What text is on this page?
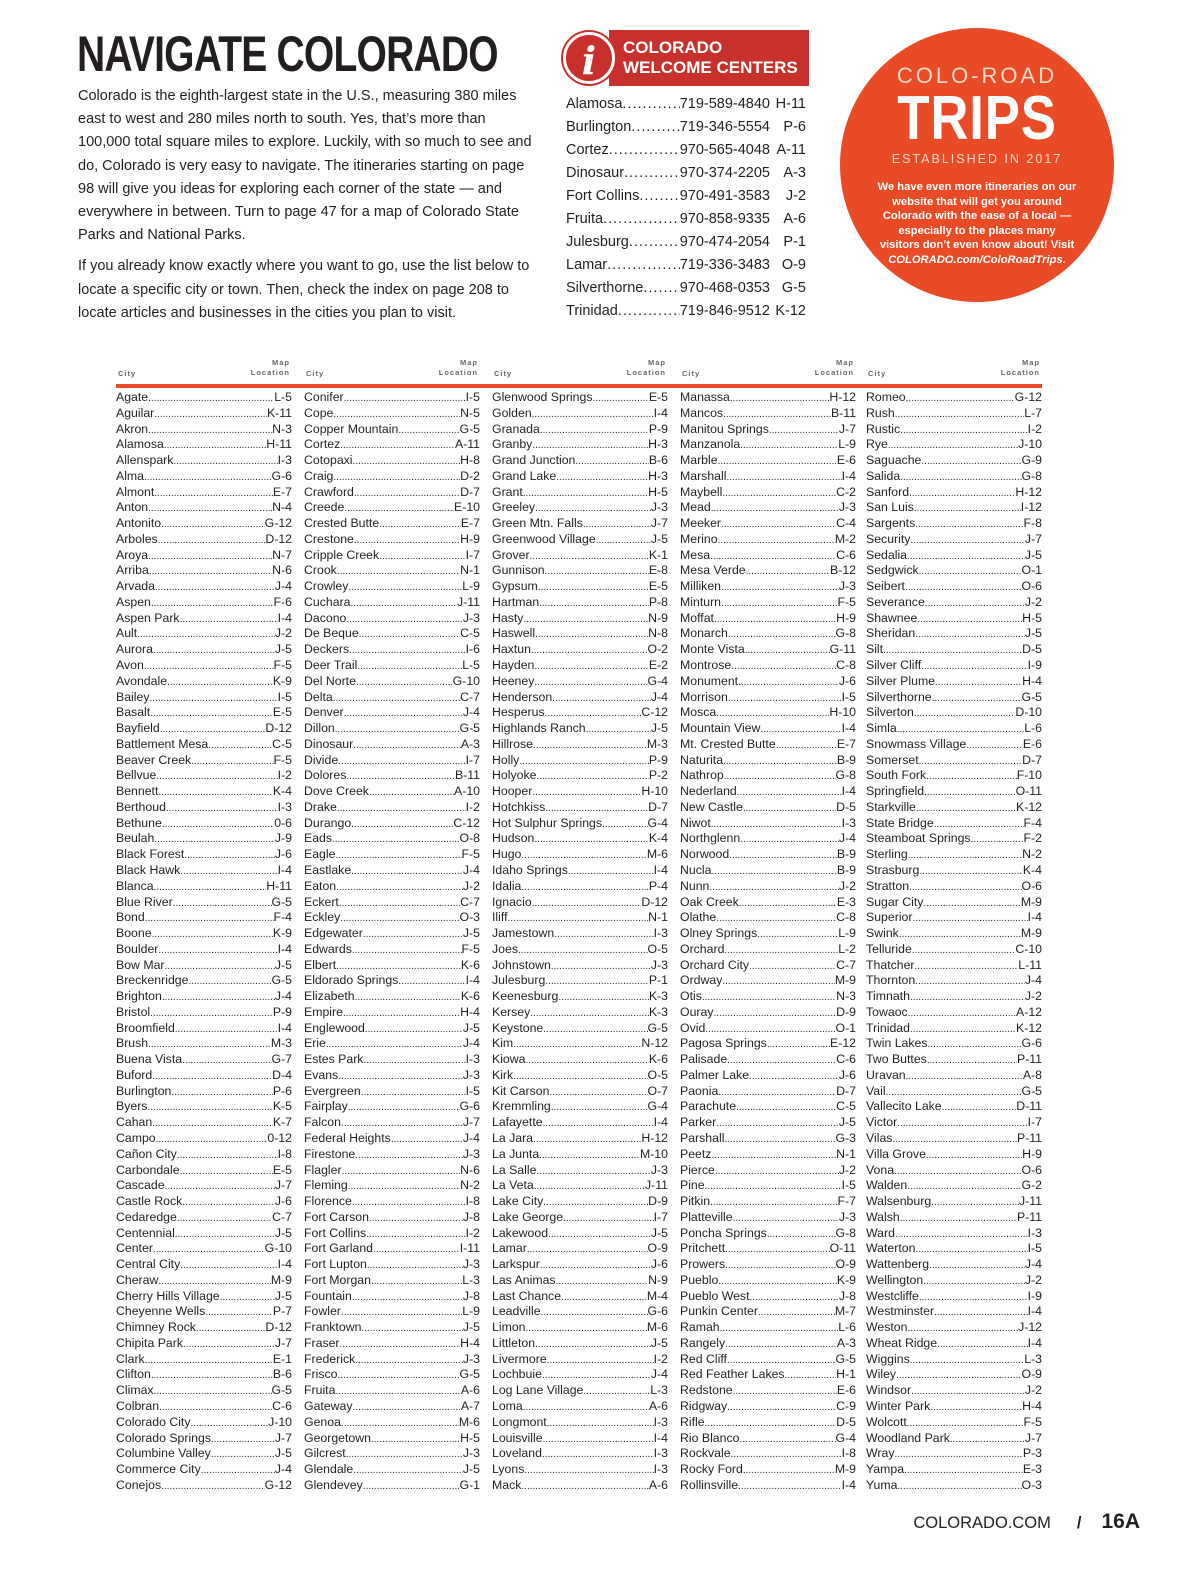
NAVIGATE COLORADO

Colorado is the eighth-largest state in the U.S., measuring 380 miles east to west and 280 miles north to south. Yes, that’s more than 100,000 total square miles to explore. Luckily, with so much to see and do, Colorado is very easy to navigate. The itineraries starting on page 98 will give you ideas for exploring each corner of the state — and everywhere in between. Turn to page 47 for a map of Colorado State Parks and National Parks.

If you already know exactly where you want to go, use the list below to locate a specific city or town. Then, check the index on page 208 to locate articles and businesses in the cities you plan to visit.

COLORADO
WELCOME CENTERS
i
Alamosa .....	719-589-4840 H-11
Burlington .....	719-346-5554 P-6
Cortez .....	970-565-4048 A-11
Dinosaur .....	970-374-2205 A-3
Fort Collins .....	970-491-3583	J-2
Fruita .....	970-858-9335 A-6
Julesburg .....	970-474-2054 P-1
Lamar .....	719-336-3483 O-9
Silverthorne .....	970-468-0353 G-5
Trinidad .....	719-846-9512 K-12
COLO-ROAD
TRIPS
ESTABLISHED IN 2017
We have even more itineraries on our website that will get you around Colorado with the ease of a local — especially to the places many visitors don’t even know about! Visit
COLORADO.com/ColoRoadTrips.
City
Map
Location
Agate .....	L-5
Aguilar .....	K-11
Akron .....	N-3
Alamosa .....	H-11
Allenspark .....	I-3
Alma .....	G-6
Almont .....	E-7
Anton .....	N-4
Antonito .....	G-12
Arboles .....	D-12
Aroya .....	N-7
Arriba .....	N-6
Arvada .....	J-4
Aspen .....	F-6
Aspen Park .....	I-4
Ault .....	J-2
Aurora .....	J-5
Avon .....	F-5
Avondale .....	K-9
Bailey .....	I-5
Basalt .....	E-5
Bayfield .....	D-12
Battlement Mesa .....	C-5
Beaver Creek .....	F-5
Bellvue .....	I-2
Bennett .....	K-4
Berthoud .....	I-3
Bethune .....	0-6
Beulah .....	J-9
Black Forest .....	J-6
Black Hawk .....	I-4
Blanca .....	H-11
Blue River .....	G-5
Bond .....	F-4
Boone .....	K-9
Boulder .....	I-4
Bow Mar .....	J-5
Breckenridge .....	G-5
Brighton .....	J-4
Bristol .....	P-9
Broomfield .....	I-4
Brush .....	M-3
Buena Vista .....	G-7
Buford .....	D-4
Burlington .....	P-6
Byers .....	K-5
Cahan .....	K-7
Campo .....	0-12
Cañon City .....	I-8
Carbondale .....	E-5
Cascade .....	J-7
Castle Rock .....	J-6
Cedaredge .....	C-7
Centennial .....	J-5
Center .....	G-10
Central City .....	I-4
Cheraw .....	M-9
Cherry Hills Village .....	J-5
Cheyenne Wells .....	P-7
Chimney Rock .....	D-12
Chipita Park .....	J-7
Clark .....	E-1
Clifton .....	B-6
Climax .....	G-5
Colbran .....	C-6
Colorado City .....	J-10
Colorado Springs .....	J-7
Columbine Valley .....	J-5
Commerce City .....	J-4
Conejos .....	G-12
City
Map
Location
Conifer .....	I-5
Cope .....	N-5
Copper Mountain .....	G-5
Cortez .....	A-11
Cotopaxi .....	H-8
Craig .....	D-2
Crawford .....	D-7
Creede .....	E-10
Crested Butte .....	E-7
Crestone .....	H-9
Cripple Creek .....	I-7
Crook .....	N-1
Crowley .....	L-9
Cuchara .....	J-11
Dacono .....	J-3
De Beque .....	C-5
Deckers .....	I-6
Deer Trail .....	L-5
Del Norte .....	G-10
Delta .....	C-7
Denver .....	J-4
Dillon .....	G-5
Dinosaur .....	A-3
Divide .....	I-7
Dolores .....	B-11
Dove Creek .....	A-10
Drake .....	I-2
Durango .....	C-12
Eads .....	O-8
Eagle .....	F-5
Eastlake .....	J-4
Eaton .....	J-2
Eckert .....	C-7
Eckley .....	O-3
Edgewater .....	J-5
Edwards .....	F-5
Elbert .....	K-6
Eldorado Springs .....	I-4
Elizabeth .....	K-6
Empire .....	H-4
Englewood .....	J-5
Erie .....	J-4
Estes Park .....	I-3
Evans .....	J-3
Evergreen .....	I-5
Fairplay .....	G-6
Falcon .....	J-7
Federal Heights .....	J-4
Firestone .....	J-3
Flagler .....	N-6
Fleming .....	N-2
Florence .....	I-8
Fort Carson .....	J-8
Fort Collins .....	I-2
Fort Garland .....	I-11
Fort Lupton .....	J-3
Fort Morgan .....	L-3
Fountain .....	J-8
Fowler .....	L-9
Franktown .....	J-5
Fraser .....	H-4
Frederick .....	J-3
Frisco .....	G-5
Fruita .....	A-6
Gateway .....	A-7
Genoa .....	M-6
Georgetown .....	H-5
Gilcrest .....	J-3
Glendale .....	J-5
Glendevey .....	G-1
City
Map
Location
Glenwood Springs .....	E-5
Golden .....	I-4
Granada .....	P-9
Granby .....	H-3
Grand Junction .....	B-6
Grand Lake .....	H-3
Grant .....	H-5
Greeley .....	J-3
Green Mtn. Falls .....	J-7
Greenwood Village .....	J-5
Grover .....	K-1
Gunnison .....	E-8
Gypsum .....	E-5
Hartman .....	P-8
Hasty .....	N-9
Haswell .....	N-8
Haxtun .....	O-2
Hayden .....	E-2
Heeney .....	G-4
Henderson .....	J-4
Hesperus .....	C-12
Highlands Ranch .....	J-5
Hillrose .....	M-3
Holly .....	P-9
Holyoke .....	P-2
Hooper .....	H-10
Hotchkiss .....	D-7
Hot Sulphur Springs .....	G-4
Hudson .....	K-4
Hugo .....	M-6
Idaho Springs .....	I-4
Idalia .....	P-4
Ignacio .....	D-12
Iliff .....	N-1
Jamestown .....	I-3
Joes .....	O-5
Johnstown .....	J-3
Julesburg .....	P-1
Keenesburg .....	K-3
Kersey .....	K-3
Keystone .....	G-5
Kim .....	N-12
Kiowa .....	K-6
Kirk .....	O-5
Kit Carson .....	O-7
Kremmling .....	G-4
Lafayette .....	I-4
La Jara .....	H-12
La Junta .....	M-10
La Salle .....	J-3
La Veta .....	J-11
Lake City .....	D-9
Lake George .....	I-7
Lakewood .....	J-5
Lamar .....	O-9
Larkspur .....	J-6
Las Animas .....	N-9
Last Chance .....	M-4
Leadville .....	G-6
Limon .....	M-6
Littleton .....	J-5
Livermore .....	I-2
Lochbuie .....	J-4
Log Lane Village .....	L-3
Loma .....	A-6
Longmont .....	I-3
Louisville .....	I-4
Loveland .....	I-3
Lyons .....	I-3
Mack .....	A-6
City
Map
Location
Manassa .....	H-12
Mancos .....	B-11
Manitou Springs .....	J-7
Manzanola .....	L-9
Marble .....	E-6
Marshall .....	I-4
Maybell .....	C-2
Mead .....	J-3
Meeker .....	C-4
Merino .....	M-2
Mesa .....	C-6
Mesa Verde .....	B-12
Milliken .....	J-3
Minturn .....	F-5
Moffat .....	H-9
Monarch .....	G-8
Monte Vista .....	G-11
Montrose .....	C-8
Monument .....	J-6
Morrison .....	I-5
Mosca .....	H-10
Mountain View .....	I-4
Mt. Crested Butte .....	E-7
Naturita .....	B-9
Nathrop .....	G-8
Nederland .....	I-4
New Castle .....	D-5
Niwot .....	I-3
Northglenn .....	J-4
Norwood .....	B-9
Nucla .....	B-9
Nunn .....	J-2
Oak Creek .....	E-3
Olathe .....	C-8
Olney Springs .....	L-9
Orchard .....	L-2
Orchard City .....	C-7
Ordway .....	M-9
Otis .....	N-3
Ouray .....	D-9
Ovid .....	O-1
Pagosa Springs .....	E-12
Palisade .....	C-6
Palmer Lake .....	J-6
Paonia .....	D-7
Parachute .....	C-5
Parker .....	J-5
Parshall .....	G-3
Peetz .....	N-1
Pierce .....	J-2
Pine .....	I-5
Pitkin .....	F-7
Platteville .....	J-3
Poncha Springs .....	G-8
Pritchett .....	O-11
Prowers .....	O-9
Pueblo .....	K-9
Pueblo West .....	J-8
Punkin Center .....	M-7
Ramah .....	L-6
Rangely .....	A-3
Red Cliff .....	G-5
Red Feather Lakes .....	H-1
Redstone .....	E-6
Ridgway .....	C-9
Rifle .....	D-5
Rio Blanco .....	G-4
Rockvale .....	I-8
Rocky Ford .....	M-9
Rollinsville .....	I-4
City
Map
Location
Romeo .....	G-12
Rush .....	L-7
Rustic .....	I-2
Rye .....	J-10
Saguache .....	G-9
Salida .....	G-8
Sanford .....	H-12
San Luis .....	I-12
Sargents .....	F-8
Security .....	J-7
Sedalia .....	J-5
Sedgwick .....	O-1
Seibert .....	O-6
Severance .....	J-2
Shawnee .....	H-5
Sheridan .....	J-5
Silt .....	D-5
Silver Cliff .....	I-9
Silver Plume .....	H-4
Silverthorne .....	G-5
Silverton .....	D-10
Simla .....	L-6
Snowmass Village .....	E-6
Somerset .....	D-7
South Fork .....	F-10
Springfield .....	O-11
Starkville .....	K-12
State Bridge .....	F-4
Steamboat Springs .....	F-2
Sterling .....	N-2
Strasburg .....	K-4
Stratton .....	O-6
Sugar City .....	M-9
Superior .....	I-4
Swink .....	M-9
Telluride .....	C-10
Thatcher .....	L-11
Thornton .....	J-4
Timnath .....	J-2
Towaoc .....	A-12
Trinidad .....	K-12
Twin Lakes .....	G-6
Two Buttes .....	P-11
Uravan .....	A-8
Vail .....	G-5
Vallecito Lake .....	D-11
Victor .....	I-7
Vilas .....	P-11
Villa Grove .....	H-9
Vona .....	O-6
Walden .....	G-2
Walsenburg .....	J-11
Walsh .....	P-11
Ward .....	I-3
Waterton .....	I-5
Wattenberg .....	J-4
Wellington .....	J-2
Westcliffe .....	I-9
Westminster .....	I-4
Weston .....	J-12
Wheat Ridge .....	I-4
Wiggins .....	L-3
Wiley .....	O-9
Windsor .....	J-2
Winter Park .....	H-4
Wolcott .....	F-5
Woodland Park .....	J-7
Wray .....	P-3
Yampa .....	E-3
Yuma .....	O-3
COLORADO.COM / 16A
